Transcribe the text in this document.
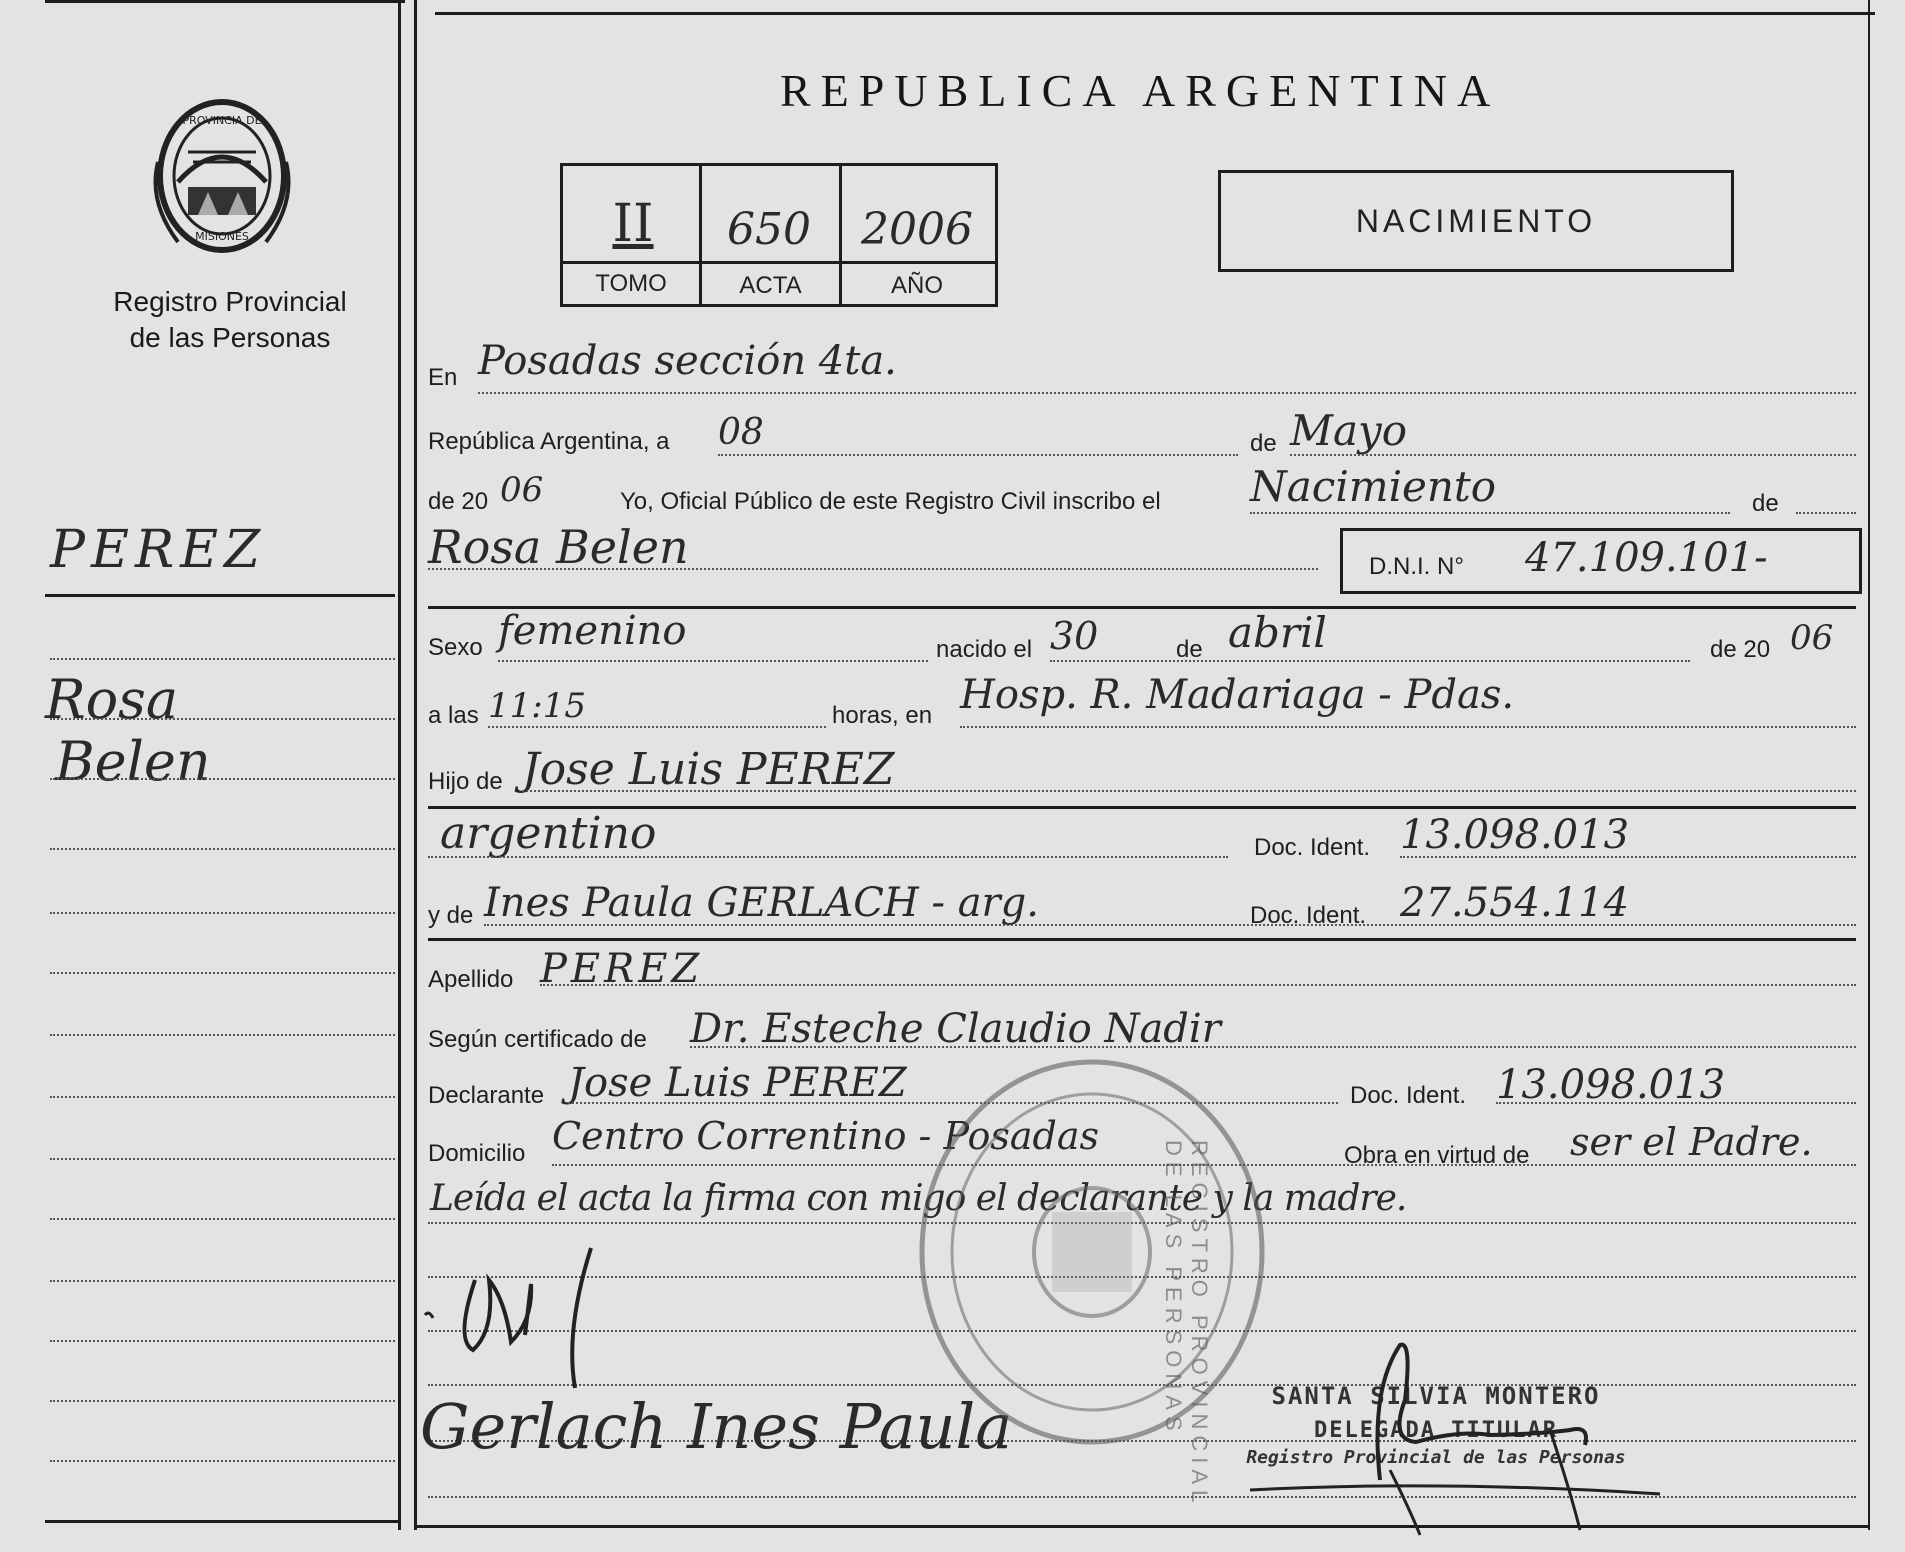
PROVINCIA DE
MISIONES
Registro Provincial
de las Personas
PEREZ
Rosa
Belen
REPUBLICA ARGENTINA
II	650	2006
TOMO	ACTA	AÑO
NACIMIENTO
En Posadas sección 4ta.
República Argentina, a 08	de Mayo
de 20 06	Yo, Oficial Público de este Registro Civil inscribo el Nacimiento	de
Rosa Belen	D.N.I. N° 47.109.101-
Sexo femenino	nacido el 30	de abril	de 20 06
a las 11:15	horas, en Hosp. R. Madariaga - Pdas.
Hijo de Jose Luis PEREZ
argentino	Doc. Ident. 13.098.013
y de Ines Paula GERLACH - arg.	Doc. Ident. 27.554.114
Apellido PEREZ
Según certificado de Dr. Esteche Claudio Nadir
Declarante Jose Luis PEREZ	Doc. Ident. 13.098.013
Domicilio Centro Correntino - Posadas	Obra en virtud de ser el Padre.
Leída el acta la firma con migo el declarante y la madre.
Gerlach Ines Paula	REGISTRO PROVINCIAL DE LAS PERSONAS	SANTA SILVIA MONTERO
DELEGADA TITULAR
Registro Provincial de las Personas
